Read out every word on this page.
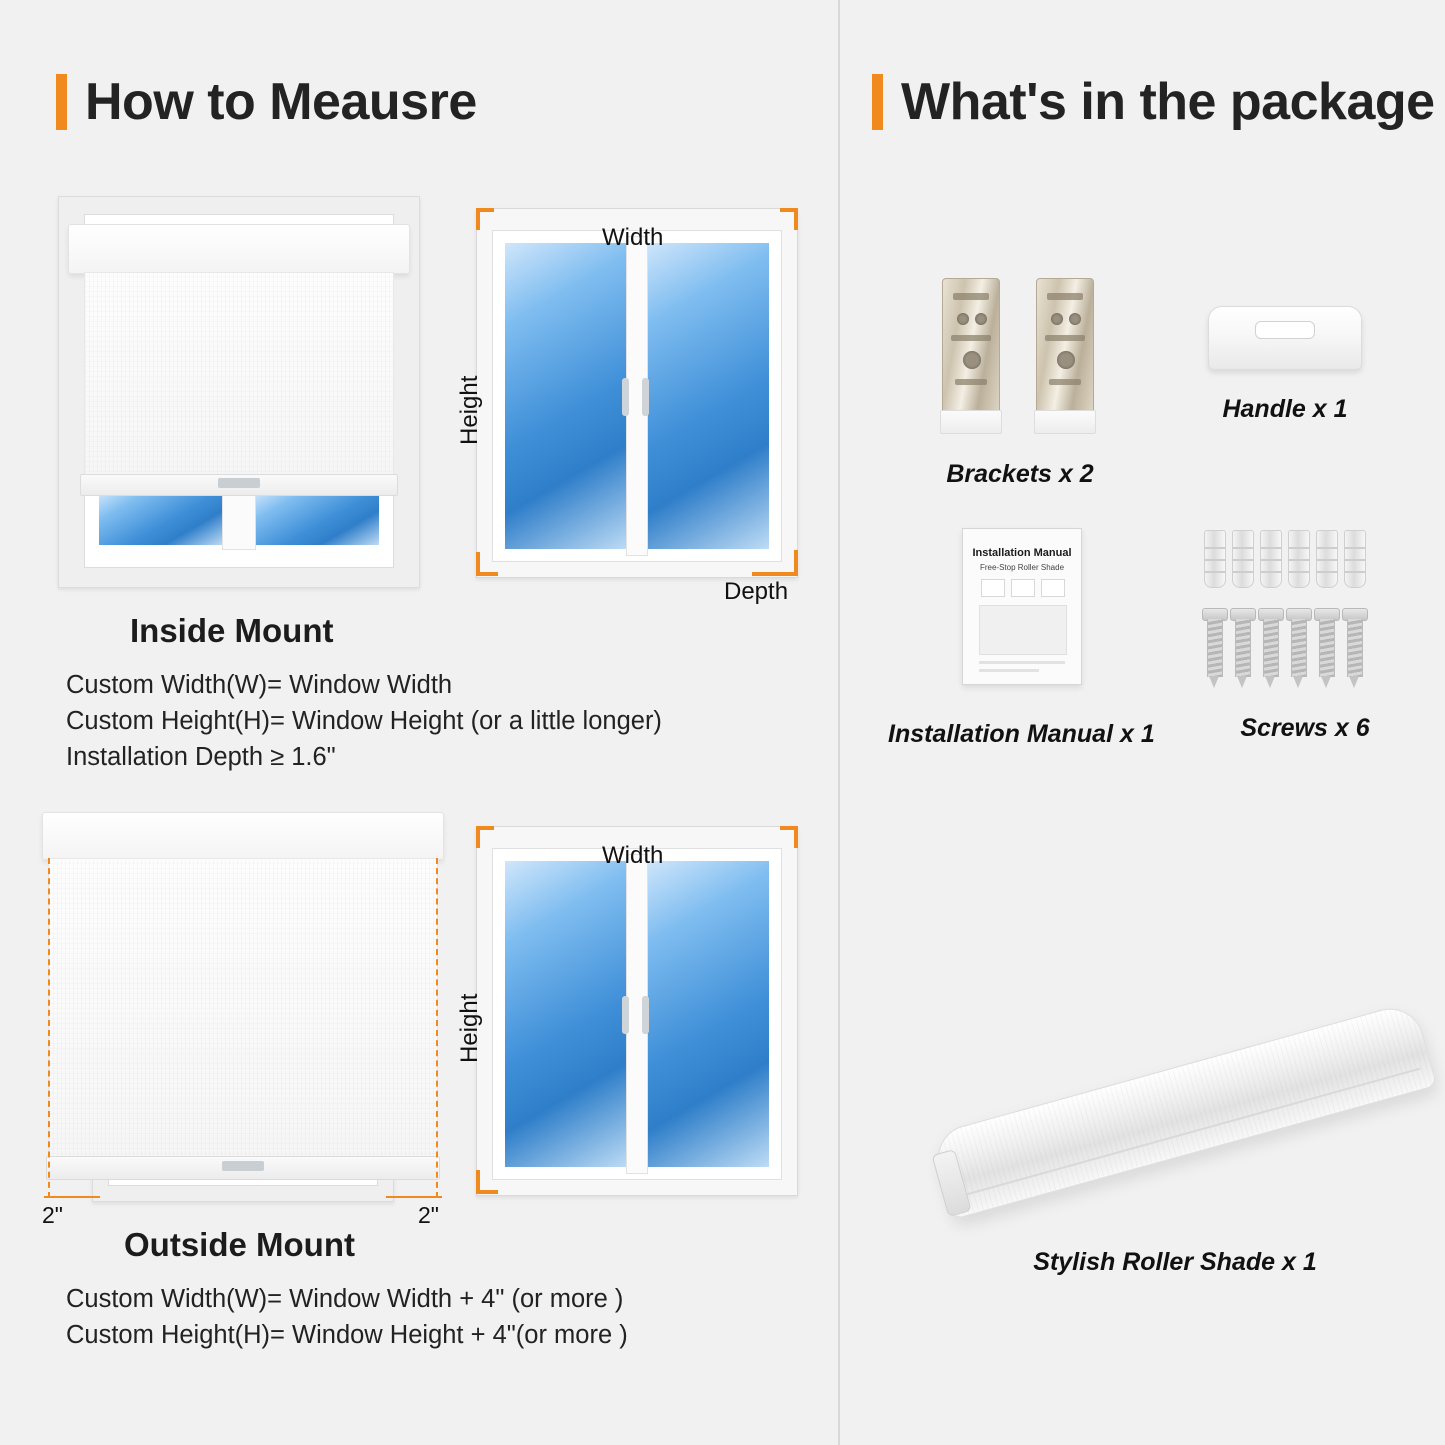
How to Meausre
Width
Height
Depth
Inside Mount
Custom Width(W)= Window Width
Custom Height(H)= Window Height (or a little longer)
Installation Depth ≥ 1.6"
2"	2"
Width
Height
Outside Mount
Custom Width(W)= Window Width + 4" (or more )
Custom Height(H)= Window Height + 4"(or more )
What's in the package
Brackets x 2
Handle x 1
Installation Manual
Free-Stop Roller Shade
Installation Manual x 1	Screws x 6
Stylish Roller Shade x 1
